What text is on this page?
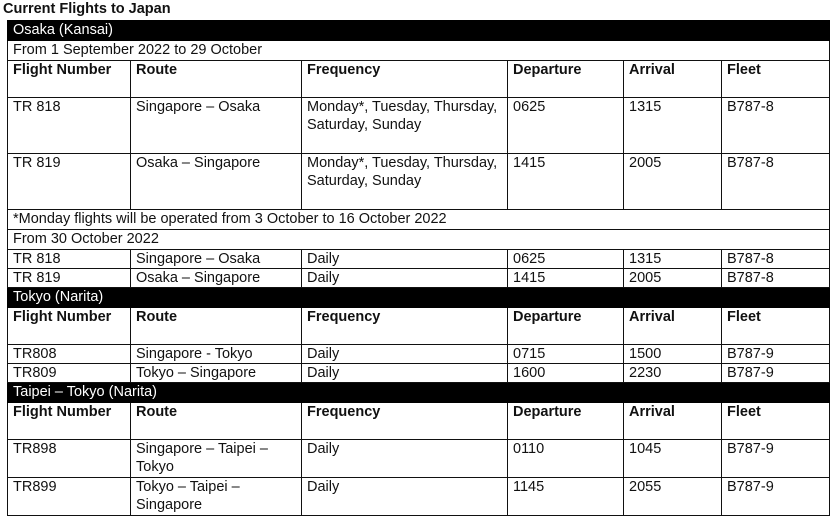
Current Flights to Japan
Osaka (Kansai)					
From 1 September 2022 to 29 October					
Flight Number	Route	Frequency	Departure	Arrival	Fleet
TR 818	Singapore – Osaka	Monday*, Tuesday, Thursday, Saturday, Sunday	0625	1315	B787-8
TR 819	Osaka – Singapore	Monday*, Tuesday, Thursday, Saturday, Sunday	1415	2005	B787-8
*Monday flights will be operated from 3 October to 16 October 2022					
From 30 October 2022					
TR 818	Singapore – Osaka	Daily	0625	1315	B787-8
TR 819	Osaka – Singapore	Daily	1415	2005	B787-8
Tokyo (Narita)					
Flight Number	Route	Frequency	Departure	Arrival	Fleet
TR808	Singapore - Tokyo	Daily	0715	1500	B787-9
TR809	Tokyo – Singapore	Daily	1600	2230	B787-9
Taipei – Tokyo (Narita)					
Flight Number	Route	Frequency	Departure	Arrival	Fleet
TR898	Singapore – Taipei – Tokyo	Daily	0110	1045	B787-9
TR899	Tokyo – Taipei – Singapore	Daily	1145	2055	B787-9
